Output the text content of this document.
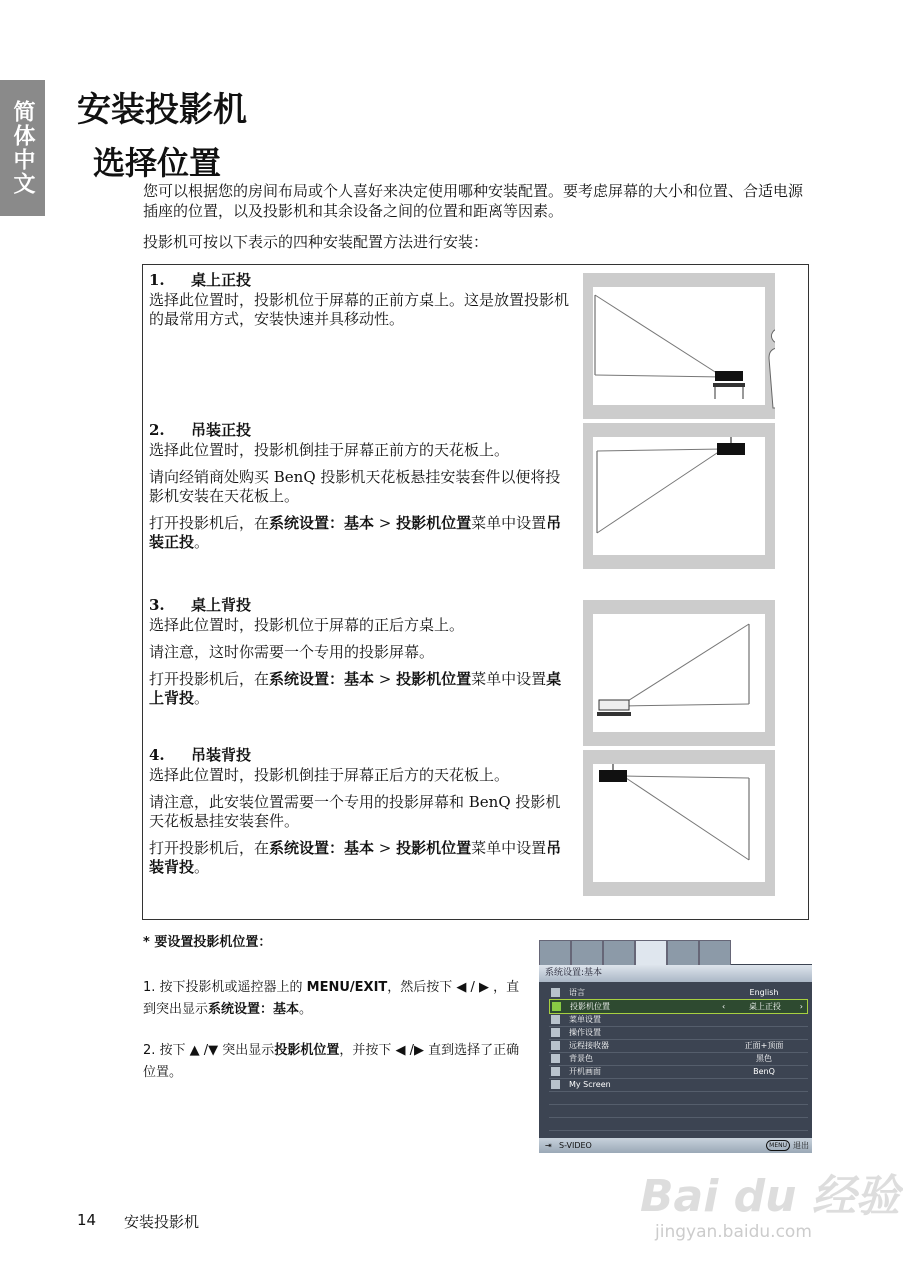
简体中文 安装投影机
选择位置
您可以根据您的房间布局或个人喜好来决定使用哪种安装配置。要考虑屏幕的大小和位置、合适电源插座的位置，以及投影机和其余设备之间的位置和距离等因素。
投影机可按以下表示的四种安装配置方法进行安装：
1. 桌上正投

选择此位置时，投影机位于屏幕的正前方桌上。这是放置投影机的最常用方式，安装快速并具移动性。

2. 吊装正投

选择此位置时，投影机倒挂于屏幕正前方的天花板上。

请向经销商处购买 BenQ 投影机天花板悬挂安装套件以便将投影机安装在天花板上。

打开投影机后，在系统设置：基本 > 投影机位置菜单中设置吊装正投。

3. 桌上背投

选择此位置时，投影机位于屏幕的正后方桌上。

请注意，这时你需要一个专用的投影屏幕。

打开投影机后，在系统设置：基本 > 投影机位置菜单中设置桌上背投。

4. 吊装背投

选择此位置时，投影机倒挂于屏幕正后方的天花板上。

请注意，此安装位置需要一个专用的投影屏幕和 BenQ 投影机天花板悬挂安装套件。

打开投影机后，在系统设置：基本 > 投影机位置菜单中设置吊装背投。

* 要设置投影机位置：
1. 按下投影机或遥控器上的 MENU/EXIT，然后按下 ◀ / ▶ ，直到突出显示系统设置：基本。
2. 按下 ▲ /▼ 突出显示投影机位置，并按下 ◀ /▶ 直到选择了正确位置。
系统设置:基本
语言	English
投影机位置	‹	桌上正投	›
菜单设置
操作设置
远程接收器	正面+顶面
背景色	黑色
开机画面	BenQ
My Screen
⇥ S-VIDEO	MENU 退出
Bai du 经验
jingyan.baidu.com
14 安装投影机
